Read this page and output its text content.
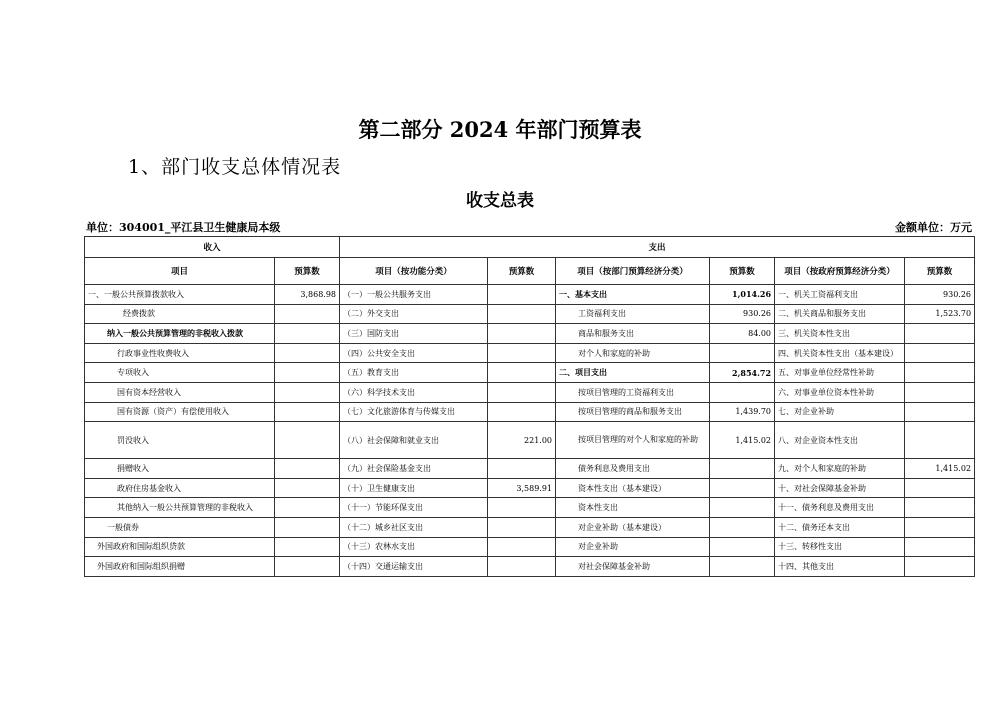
第二部分 2024 年部门预算表
1、部门收支总体情况表
收支总表
单位：304001_平江县卫生健康局本级	金额单位：万元
收入		支出					
项目	预算数	项目（按功能分类）	预算数	项目（按部门预算经济分类）	预算数	项目（按政府预算经济分类）	预算数
一、一般公共预算拨款收入	3,868.98	（一）一般公共服务支出		一、基本支出	1,014.26	一、机关工资福利支出	930.26
经费拨款		（二）外交支出		工资福利支出	930.26	二、机关商品和服务支出	1,523.70
纳入一般公共预算管理的非税收入拨款		（三）国防支出		商品和服务支出	84.00	三、机关资本性支出	
行政事业性收费收入		（四）公共安全支出		对个人和家庭的补助		四、机关资本性支出（基本建设）	
专项收入		（五）教育支出		二、项目支出	2,854.72	五、对事业单位经常性补助	
国有资本经营收入		（六）科学技术支出		按项目管理的工资福利支出		六、对事业单位资本性补助	
国有资源（资产）有偿使用收入		（七）文化旅游体育与传媒支出		按项目管理的商品和服务支出	1,439.70	七、对企业补助	
罚没收入		（八）社会保障和就业支出	221.00	按项目管理的对个人和家庭的补助	1,415.02	八、对企业资本性支出	
捐赠收入		（九）社会保险基金支出		债务利息及费用支出		九、对个人和家庭的补助	1,415.02
政府住房基金收入		（十）卫生健康支出	3,589.91	资本性支出（基本建设）		十、对社会保障基金补助	
其他纳入一般公共预算管理的非税收入		（十一）节能环保支出		资本性支出		十一、债务利息及费用支出	
一般债券		（十二）城乡社区支出		对企业补助（基本建设）		十二、债务还本支出	
外国政府和国际组织贷款		（十三）农林水支出		对企业补助		十三、转移性支出	
外国政府和国际组织捐赠		（十四）交通运输支出		对社会保障基金补助		十四、其他支出	
